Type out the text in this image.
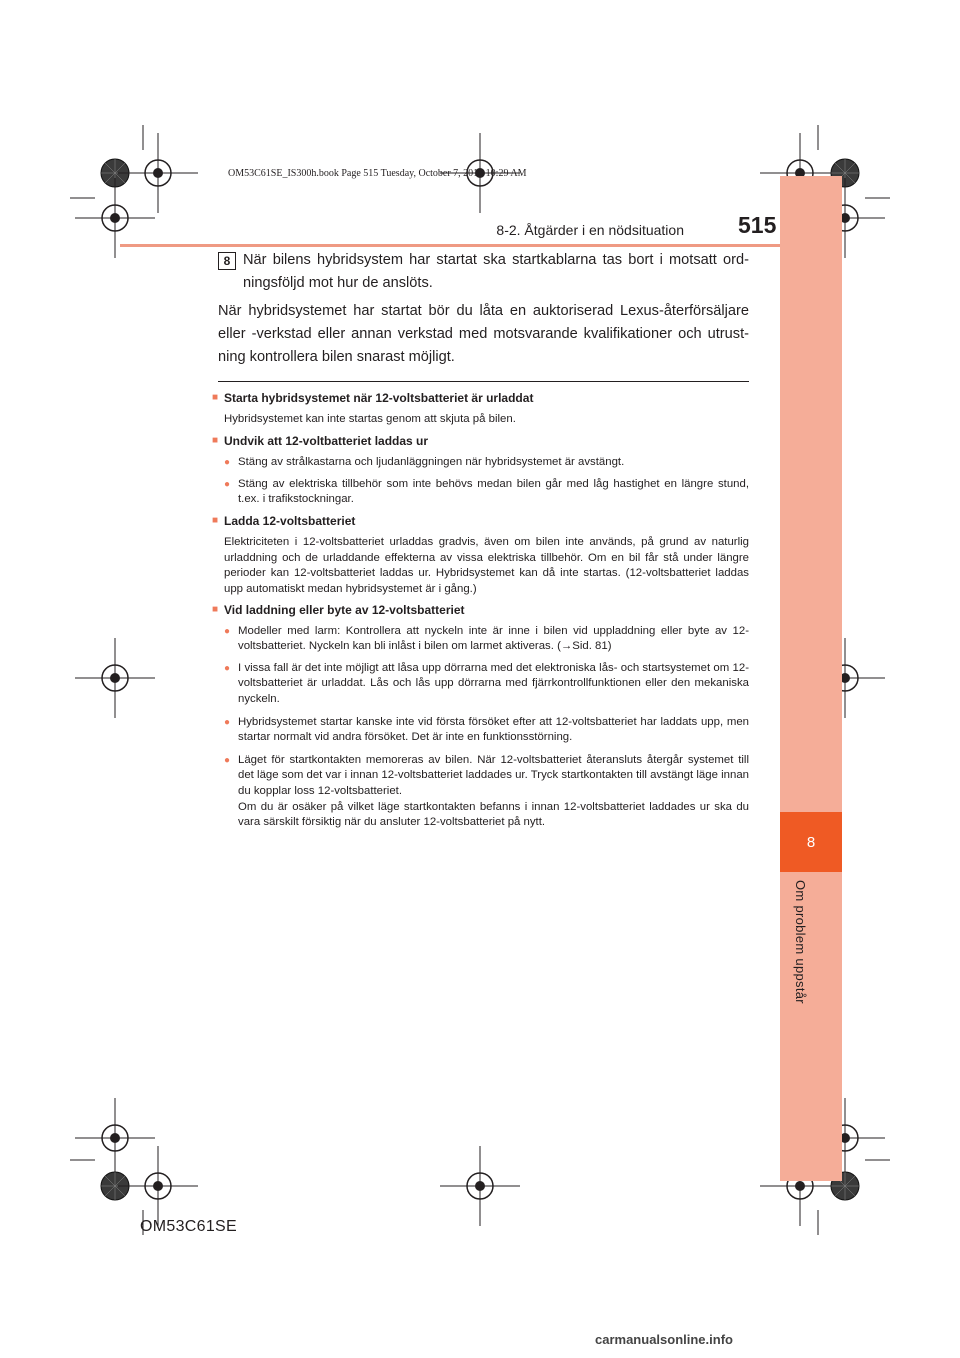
8
Om problem uppstår
OM53C61SE_IS300h.book Page 515 Tuesday, October 7, 2014 10:29 AM
8-2. Åtgärder i en nödsituation 515
8 När bilens hybridsystem har startat ska startkablarna tas bort i motsatt ord-ningsföljd mot hur de anslöts.

När hybridsystemet har startat bör du låta en auktoriserad Lexus-återförsäljare eller -verkstad eller annan verkstad med motsvarande kvalifikationer och utrust-ning kontrollera bilen snarast möjligt.

■ Starta hybridsystemet när 12-voltsbatteriet är urladdat

Hybridsystemet kan inte startas genom att skjuta på bilen.

■ Undvik att 12-voltbatteriet laddas ur

● Stäng av strålkastarna och ljudanläggningen när hybridsystemet är avstängt.

● Stäng av elektriska tillbehör som inte behövs medan bilen går med låg hastighet en längre stund, t.ex. i trafikstockningar.

■ Ladda 12-voltsbatteriet

Elektriciteten i 12-voltsbatteriet urladdas gradvis, även om bilen inte används, på grund av naturlig urladdning och de urladdande effekterna av vissa elektriska tillbehör. Om en bil får stå under längre perioder kan 12-voltsbatteriet laddas ur. Hybridsystemet kan då inte startas. (12-voltsbatteriet laddas upp automatiskt medan hybridsystemet är i gång.)

■ Vid laddning eller byte av 12-voltsbatteriet

● Modeller med larm: Kontrollera att nyckeln inte är inne i bilen vid uppladdning eller byte av 12-voltsbatteriet. Nyckeln kan bli inlåst i bilen om larmet aktiveras. (→Sid. 81)

● I vissa fall är det inte möjligt att låsa upp dörrarna med det elektroniska lås- och startsystemet om 12-voltsbatteriet är urladdat. Lås och lås upp dörrarna med fjärrkontrollfunktionen eller den mekaniska nyckeln.

● Hybridsystemet startar kanske inte vid första försöket efter att 12-voltsbatteriet har laddats upp, men startar normalt vid andra försöket. Det är inte en funktionsstörning.

● Läget för startkontakten memoreras av bilen. När 12-voltsbatteriet återansluts återgår systemet till det läge som det var i innan 12-voltsbatteriet laddades ur. Tryck startkontakten till avstängt läge innan du kopplar loss 12-voltsbatteriet.

Om du är osäker på vilket läge startkontakten befanns i innan 12-voltsbatteriet laddades ur ska du vara särskilt försiktig när du ansluter 12-voltsbatteriet på nytt.

OM53C61SE
carmanualsonline.info
